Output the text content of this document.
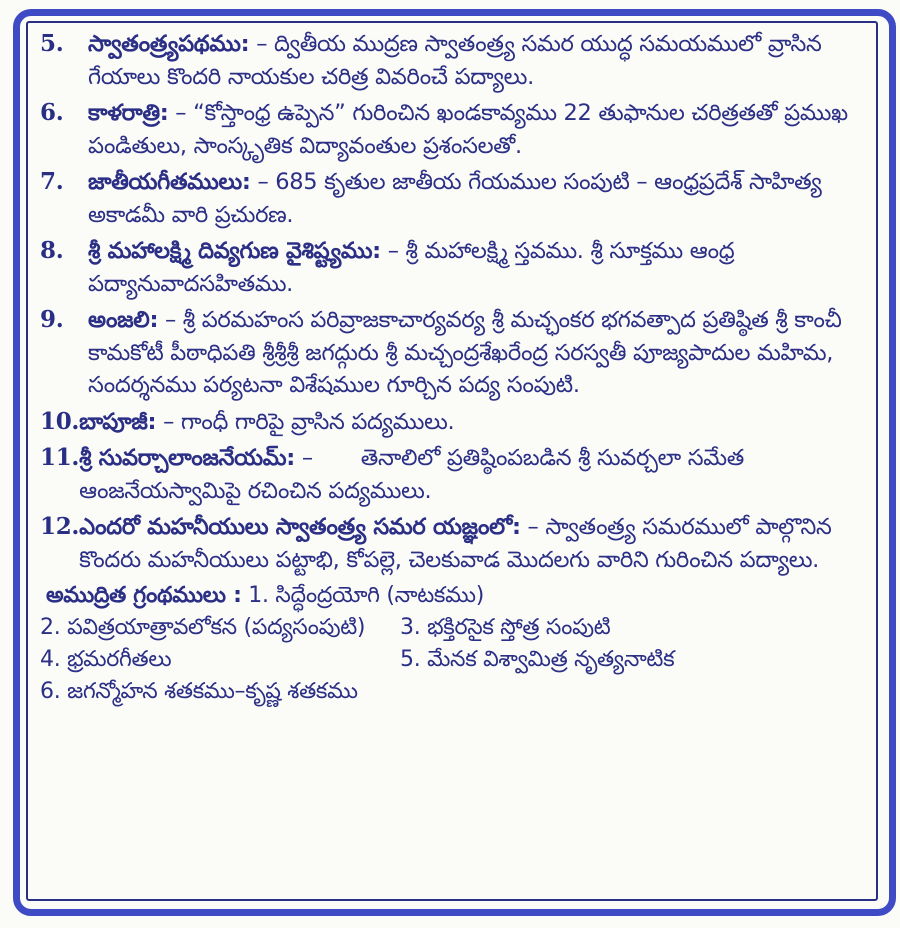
5.	స్వాతంత్ర్యపథము: – ద్వితీయ ముద్రణ స్వాతంత్ర్య సమర యుద్ధ సమయములో వ్రాసిన గేయాలు కొందరి నాయకుల చరిత్ర వివరించే పద్యాలు.
6.	కాళరాత్రి: – “కోస్తాంధ్ర ఉప్పెన” గురించిన ఖండకావ్యము 22 తుఫానుల చరిత్రతతో ప్రముఖ పండితులు, సాంస్కృతిక విద్యావంతుల ప్రశంసలతో.
7.	జాతీయగీతములు: – 685 కృతుల జాతీయ గేయముల సంపుటి – ఆంధ్రప్రదేశ్ సాహిత్య అకాడమీ వారి ప్రచురణ.
8.	శ్రీ మహాలక్ష్మి దివ్యగుణ వైశిష్ట్యము: – శ్రీ మహాలక్ష్మి స్తవము. శ్రీ సూక్తము ఆంధ్ర పద్యానువాదసహితము.
9.	అంజలి: – శ్రీ పరమహంస పరివ్రాజకాచార్యవర్య శ్రీ మచ్ఛంకర భగవత్పాద ప్రతిష్ఠిత శ్రీ కాంచీ కామకోటీ పీఠాధిపతి శ్రీశ్రీశ్రీ జగద్గురు శ్రీ మచ్చంద్రశేఖరేంద్ర సరస్వతీ పూజ్యపాదుల మహిమ, సందర్శనము పర్యటనా విశేషముల గూర్చిన పద్య సంపుటి.
10. బాపూజీ: – గాంధీ గారిపై వ్రాసిన పద్యములు.
11. శ్రీ సువర్చాలాంజనేయమ్: –       తెనాలిలో ప్రతిష్ఠింపబడిన శ్రీ సువర్చలా సమేత ఆంజనేయస్వామిపై రచించిన పద్యములు.
12. ఎందరో మహనీయులు స్వాతంత్ర్య సమర యజ్ఞంలో: – స్వాతంత్ర్య సమరములో పాల్గొనిన కొందరు మహనీయులు పట్టాభి, కోపల్లె, చెలకువాడ మొదలగు వారిని గురించిన పద్యాలు.
అముద్రిత గ్రంథములు :
1. సిద్ధేంద్రయోగి (నాటకము)
2. పవిత్రయాత్రావలోకన (పద్యసంపుటి)	3. భక్తిరసైక స్తోత్ర సంపుటి
4. భ్రమరగీతలు	5. మేనక విశ్వామిత్ర నృత్యనాటిక
6. జగన్మోహన శతకము–కృష్ణ శతకము
